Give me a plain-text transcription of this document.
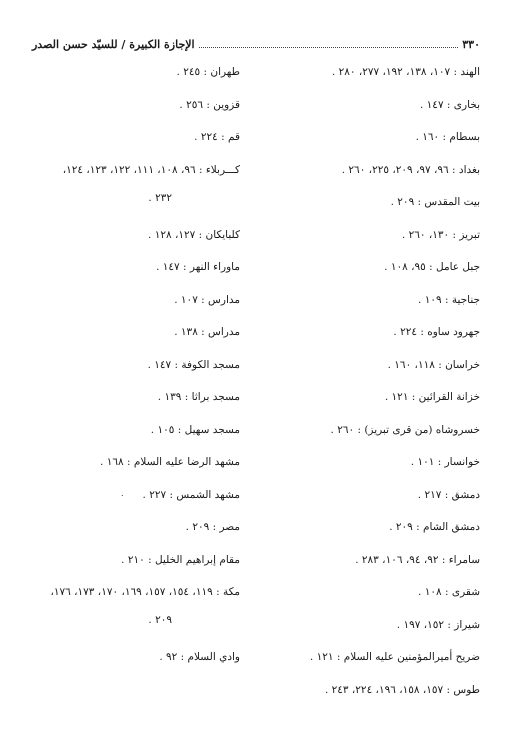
٣٣٠
الإجازة الكبيرة / للسيّد حسن الصدر
الهند : ١٠٧، ١٣٨، ١٩٢، ٢٧٧، ٢٨٠ .
بخارى : ١٤٧ .
بسطام : ١٦٠ .
بغداد : ٩٦، ٩٧، ٢٠٩، ٢٢٥، ٢٦٠ .
بيت المقدس : ٢٠٩ .
تبريز : ١٣٠، ٢٦٠ .
جبل عامل : ٩٥، ١٠٨ .
جناجية : ١٠٩ .
جهرود ساوه : ٢٢٤ .
خراسان : ١١٨، ١٦٠ .
خزانة القرائين : ١٢١ .
خسروشاه (من قرى تبريز) : ٢٦٠ .
خوانسار : ١٠١ .
دمشق : ٢١٧ .
دمشق الشام : ٢٠٩ .
سامراء : ٩٢، ٩٤، ١٠٦، ٢٨٣ .
شقرى : ١٠٨ .
شيراز : ١٥٢، ١٩٧ .
ضريح أميرالمؤمنين عليه السلام : ١٢١ .
طوس : ١٥٧، ١٥٨، ١٩٦، ٢٢٤، ٢٤٣ .
طهران : ٢٤٥ .
قزوين : ٢٥٦ .
قم : ٢٢٤ .
كـــربلاء : ٩٦، ١٠٨، ١١١، ١٢٢، ١٢٣، ١٢٤،
٢٣٢ .
كلبايكان : ١٢٧، ١٢٨ .
ماوراء النهر : ١٤٧ .
مدارس : ١٠٧ .
مدراس : ١٣٨ .
مسجد الكوفة : ١٤٧ .
مسجد براثا : ١٣٩ .
مسجد سهيل : ١٠٥ .
مشهد الرضا عليه السلام : ١٦٨ .
مشهد الشمس : ٢٢٧ .
مصر : ٢٠٩ .
مقام إبراهيم الخليل : ٢١٠ .
مكة : ١١٩، ١٥٤، ١٥٧، ١٦٩، ١٧٠، ١٧٣، ١٧٦،
٢٠٩ .
وادي السلام : ٩٢ .
.
